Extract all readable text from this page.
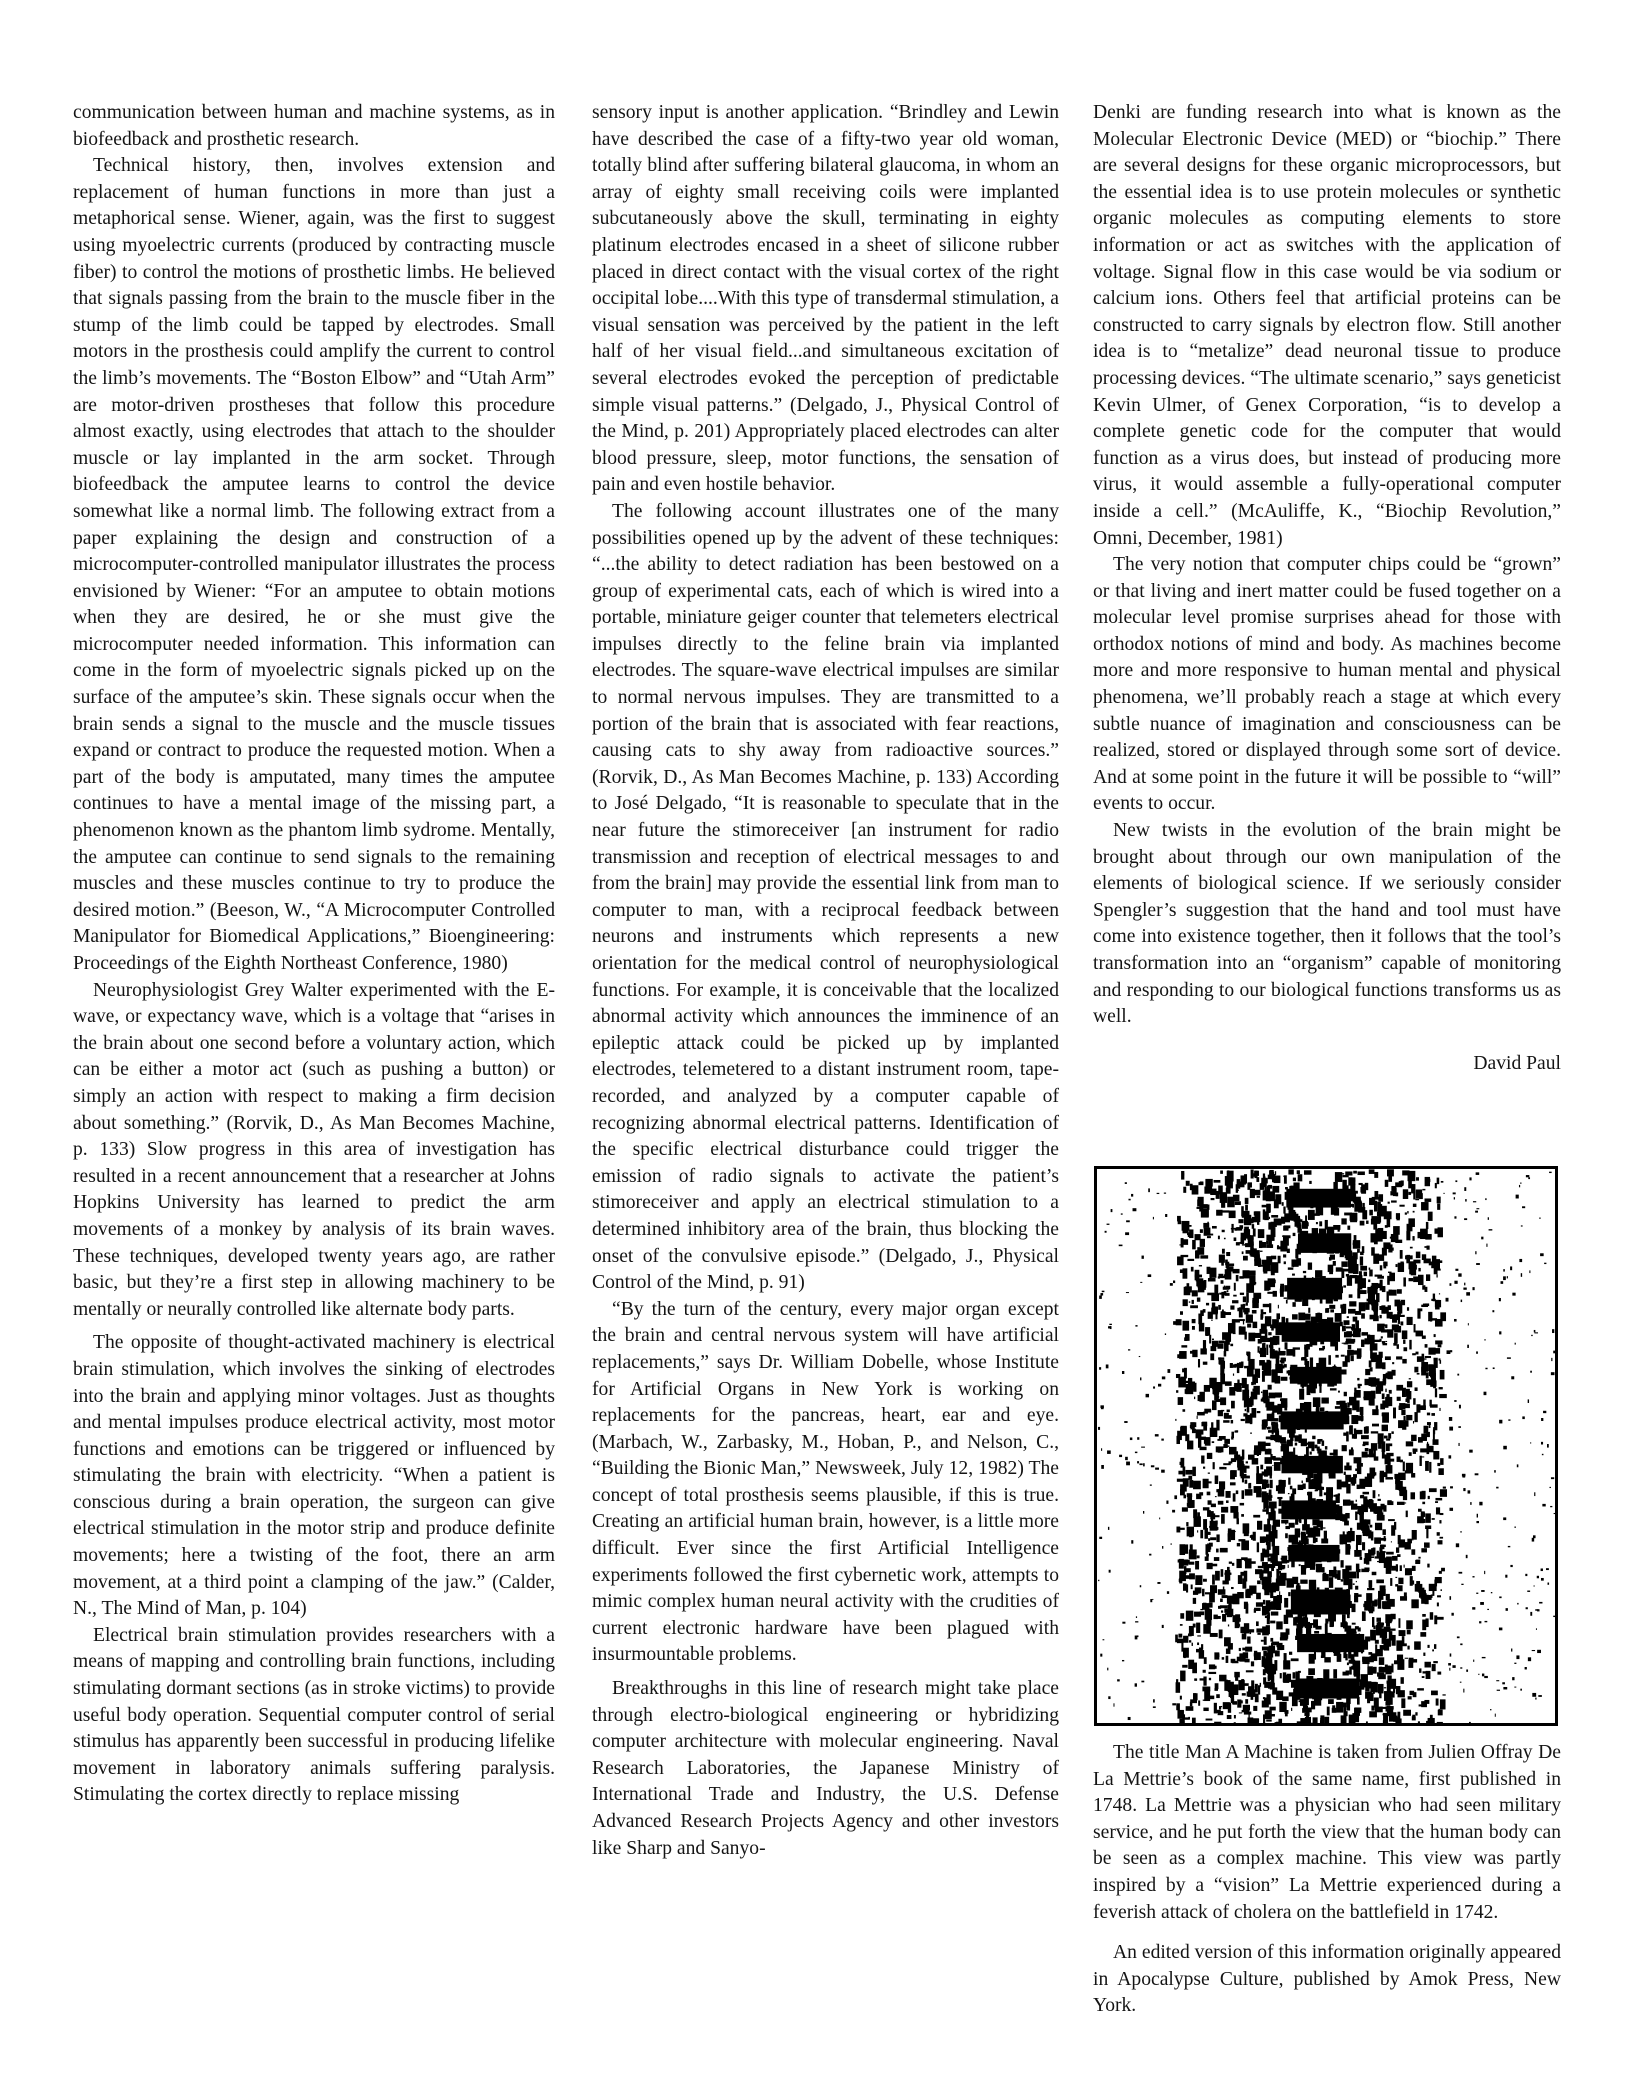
communication between human and machine systems, as in biofeedback and prosthetic research.

Technical history, then, involves extension and replacement of human functions in more than just a metaphorical sense. Wiener, again, was the first to suggest using myoelectric currents (produced by contracting muscle fiber) to control the motions of prosthetic limbs. He believed that signals passing from the brain to the muscle fiber in the stump of the limb could be tapped by electrodes. Small motors in the prosthesis could amplify the current to control the limb’s movements. The “Boston Elbow” and “Utah Arm” are motor-driven prostheses that follow this procedure almost exactly, using electrodes that attach to the shoulder muscle or lay implanted in the arm socket. Through biofeedback the amputee learns to control the device somewhat like a normal limb. The following extract from a paper explaining the design and construction of a microcomputer-controlled manipulator illustrates the process envisioned by Wiener: “For an amputee to obtain motions when they are desired, he or she must give the microcomputer needed information. This information can come in the form of myoelectric signals picked up on the surface of the amputee’s skin. These signals occur when the brain sends a signal to the muscle and the muscle tissues expand or contract to produce the requested motion. When a part of the body is amputated, many times the amputee continues to have a mental image of the missing part, a phenomenon known as the phantom limb sydrome. Mentally, the amputee can continue to send signals to the remaining muscles and these muscles continue to try to produce the desired motion.” (Beeson, W., “A Microcomputer Controlled Manipulator for Biomedical Applications,” Bioengineering: Proceedings of the Eighth Northeast Conference, 1980)

Neurophysiologist Grey Walter experimented with the E-wave, or expectancy wave, which is a voltage that “arises in the brain about one second before a voluntary action, which can be either a motor act (such as pushing a button) or simply an action with respect to making a firm decision about something.” (Rorvik, D., As Man Becomes Machine, p. 133) Slow progress in this area of investigation has resulted in a recent announcement that a researcher at Johns Hopkins University has learned to predict the arm movements of a monkey by analysis of its brain waves. These techniques, developed twenty years ago, are rather basic, but they’re a first step in allowing machinery to be mentally or neurally controlled like alternate body parts.

The opposite of thought-activated machinery is electrical brain stimulation, which involves the sinking of electrodes into the brain and applying minor voltages. Just as thoughts and mental impulses produce electrical activity, most motor functions and emotions can be triggered or influenced by stimulating the brain with electricity. “When a patient is conscious during a brain operation, the surgeon can give electrical stimulation in the motor strip and produce definite movements; here a twisting of the foot, there an arm movement, at a third point a clamping of the jaw.” (Calder, N., The Mind of Man, p. 104)

Electrical brain stimulation provides researchers with a means of mapping and controlling brain functions, including stimulating dormant sections (as in stroke victims) to provide useful body operation. Sequential computer control of serial stimulus has apparently been successful in producing lifelike movement in laboratory animals suffering paralysis. Stimulating the cortex directly to replace missing

sensory input is another application. “Brindley and Lewin have described the case of a fifty-two year old woman, totally blind after suffering bilateral glaucoma, in whom an array of eighty small receiving coils were implanted subcutaneously above the skull, terminating in eighty platinum electrodes encased in a sheet of silicone rubber placed in direct contact with the visual cortex of the right occipital lobe....With this type of transdermal stimulation, a visual sensation was perceived by the patient in the left half of her visual field...and simultaneous excitation of several electrodes evoked the perception of predictable simple visual patterns.” (Delgado, J., Physical Control of the Mind, p. 201) Appropriately placed electrodes can alter blood pressure, sleep, motor functions, the sensation of pain and even hostile behavior.

The following account illustrates one of the many possibilities opened up by the advent of these techniques: “...the ability to detect radiation has been bestowed on a group of experimental cats, each of which is wired into a portable, miniature geiger counter that telemeters electrical impulses directly to the feline brain via implanted electrodes. The square-wave electrical impulses are similar to normal nervous impulses. They are transmitted to a portion of the brain that is associated with fear reactions, causing cats to shy away from radioactive sources.” (Rorvik, D., As Man Becomes Machine, p. 133) According to José Delgado, “It is reasonable to speculate that in the near future the stimoreceiver [an instrument for radio transmission and reception of electrical messages to and from the brain] may provide the essential link from man to computer to man, with a reciprocal feedback between neurons and instruments which represents a new orientation for the medical control of neurophysiological functions. For example, it is conceivable that the localized abnormal activity which announces the imminence of an epileptic attack could be picked up by implanted electrodes, telemetered to a distant instrument room, tape-recorded, and analyzed by a computer capable of recognizing abnormal electrical patterns. Identification of the specific electrical disturbance could trigger the emission of radio signals to activate the patient’s stimoreceiver and apply an electrical stimulation to a determined inhibitory area of the brain, thus blocking the onset of the convulsive episode.” (Delgado, J., Physical Control of the Mind, p. 91)

“By the turn of the century, every major organ except the brain and central nervous system will have artificial replacements,” says Dr. William Dobelle, whose Institute for Artificial Organs in New York is working on replacements for the pancreas, heart, ear and eye. (Marbach, W., Zarbasky, M., Hoban, P., and Nelson, C., “Building the Bionic Man,” Newsweek, July 12, 1982) The concept of total prosthesis seems plausible, if this is true. Creating an artificial human brain, however, is a little more difficult. Ever since the first Artificial Intelligence experiments followed the first cybernetic work, attempts to mimic complex human neural activity with the crudities of current electronic hardware have been plagued with insurmountable problems.

Breakthroughs in this line of research might take place through electro-biological engineering or hybridizing computer architecture with molecular engineering. Naval Research Laboratories, the Japanese Ministry of International Trade and Industry, the U.S. Defense Advanced Research Projects Agency and other investors like Sharp and Sanyo-

Denki are funding research into what is known as the Molecular Electronic Device (MED) or “biochip.” There are several designs for these organic microprocessors, but the essential idea is to use protein molecules or synthetic organic molecules as computing elements to store information or act as switches with the application of voltage. Signal flow in this case would be via sodium or calcium ions. Others feel that artificial proteins can be constructed to carry signals by electron flow. Still another idea is to “metalize” dead neuronal tissue to produce processing devices. “The ultimate scenario,” says geneticist Kevin Ulmer, of Genex Corporation, “is to develop a complete genetic code for the computer that would function as a virus does, but instead of producing more virus, it would assemble a fully-operational computer inside a cell.” (McAuliffe, K., “Biochip Revolution,” Omni, December, 1981)

The very notion that computer chips could be “grown” or that living and inert matter could be fused together on a molecular level promise surprises ahead for those with orthodox notions of mind and body. As machines become more and more responsive to human mental and physical phenomena, we’ll probably reach a stage at which every subtle nuance of imagination and consciousness can be realized, stored or displayed through some sort of device. And at some point in the future it will be possible to “will” events to occur.

New twists in the evolution of the brain might be brought about through our own manipulation of the elements of biological science. If we seriously consider Spengler’s suggestion that the hand and tool must have come into existence together, then it follows that the tool’s transformation into an “organism” capable of monitoring and responding to our biological functions transforms us as well.

David Paul

The title Man A Machine is taken from Julien Offray De La Mettrie’s book of the same name, first published in 1748. La Mettrie was a physician who had seen military service, and he put forth the view that the human body can be seen as a complex machine. This view was partly inspired by a “vision” La Mettrie experienced during a feverish attack of cholera on the battlefield in 1742.

An edited version of this information originally appeared in Apocalypse Culture, published by Amok Press, New York.
